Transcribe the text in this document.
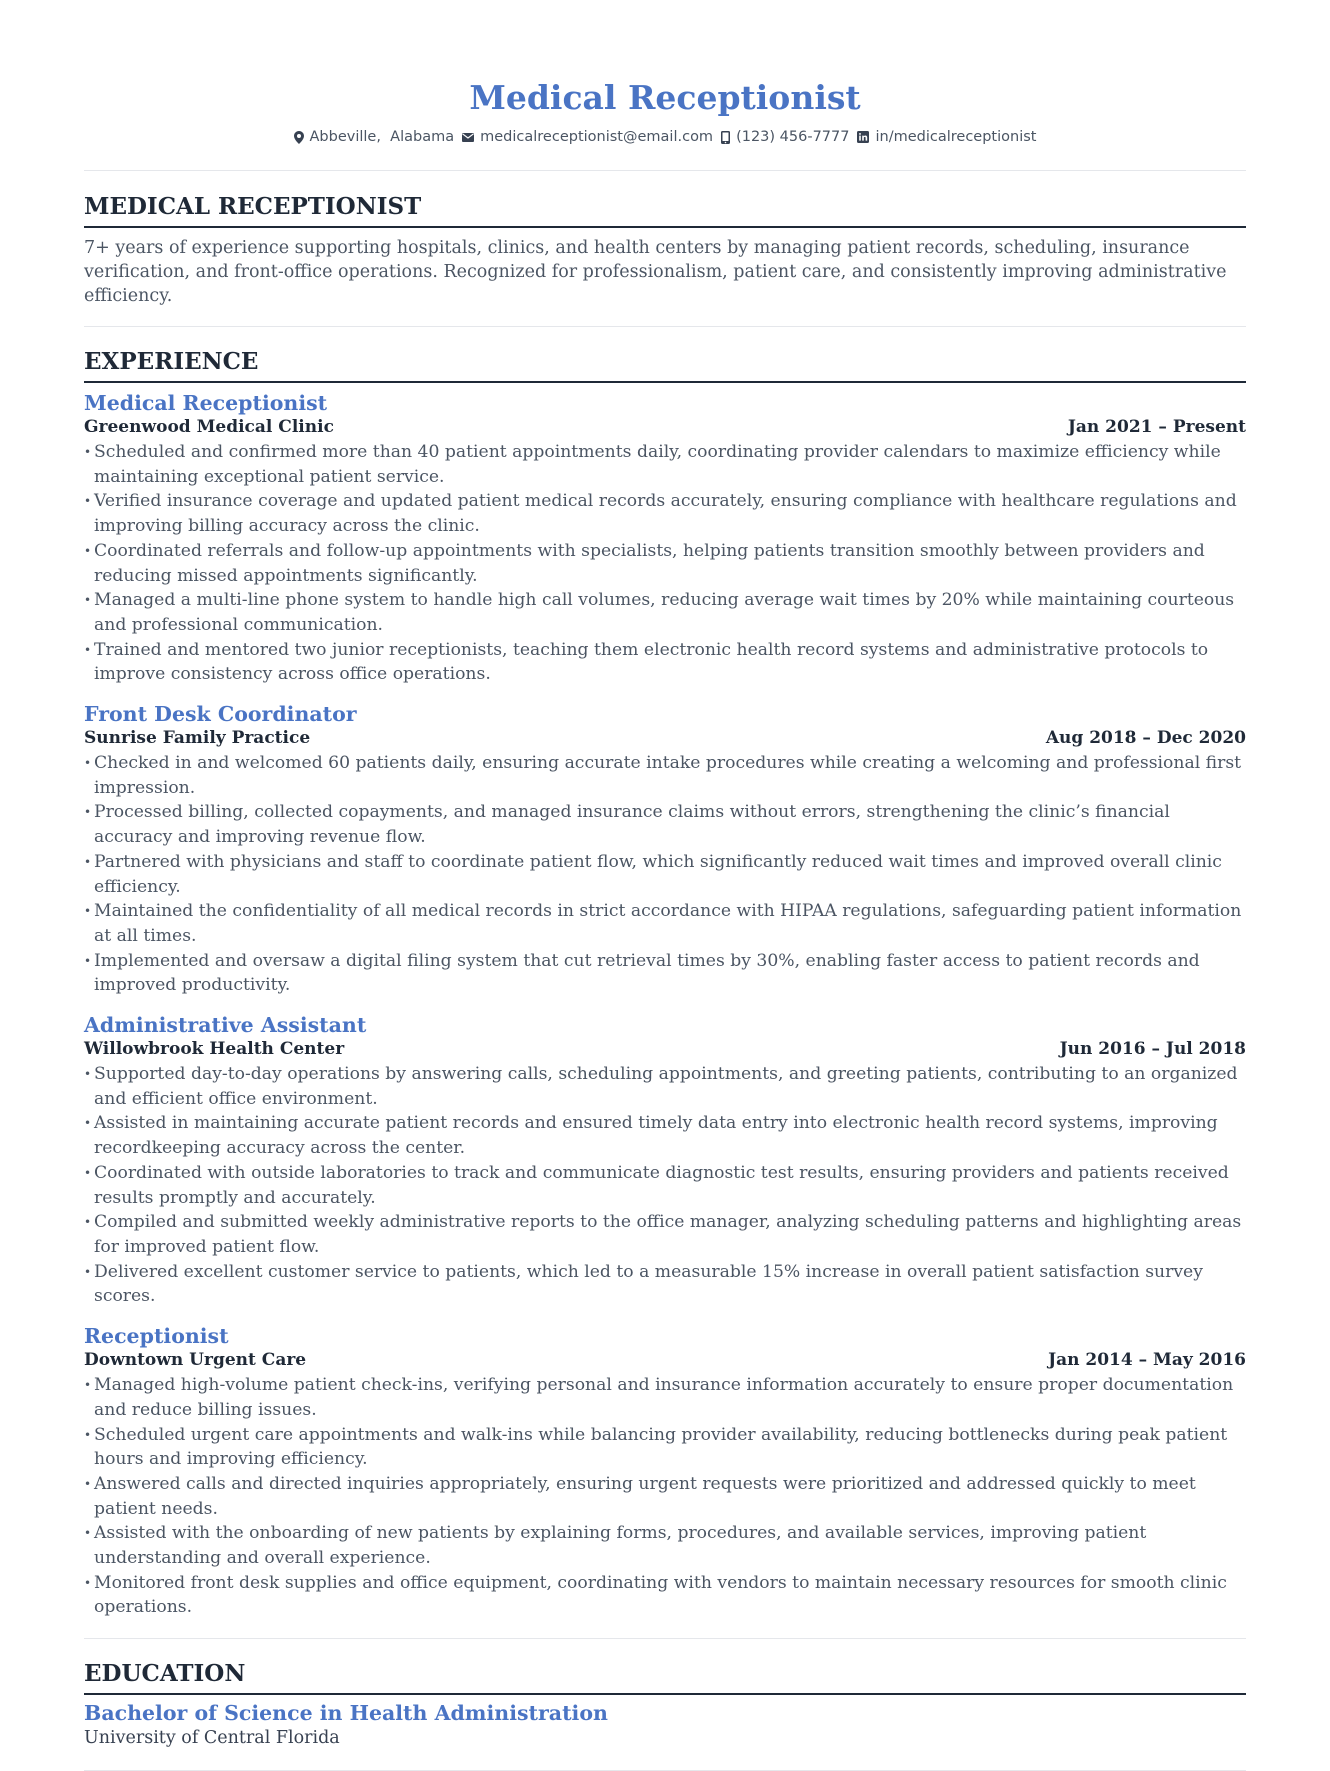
Medical Receptionist
Abbeville,  Alabama medicalreceptionist@email.com (123) 456-7777 in/medicalreceptionist
MEDICAL RECEPTIONIST

7+ years of experience supporting hospitals, clinics, and health centers by managing patient records, scheduling, insurance verification, and front-office operations. Recognized for professionalism, patient care, and consistently improving administrative efficiency.

EXPERIENCE
Medical Receptionist
Greenwood Medical Clinic	Jan 2021 – Present
• Scheduled and confirmed more than 40 patient appointments daily, coordinating provider calendars to maximize efficiency while maintaining exceptional patient service.
• Verified insurance coverage and updated patient medical records accurately, ensuring compliance with healthcare regulations and improving billing accuracy across the clinic.
• Coordinated referrals and follow-up appointments with specialists, helping patients transition smoothly between providers and reducing missed appointments significantly.
• Managed a multi-line phone system to handle high call volumes, reducing average wait times by 20% while maintaining courteous and professional communication.
• Trained and mentored two junior receptionists, teaching them electronic health record systems and administrative protocols to improve consistency across office operations.
Front Desk Coordinator
Sunrise Family Practice	Aug 2018 – Dec 2020
• Checked in and welcomed 60 patients daily, ensuring accurate intake procedures while creating a welcoming and professional first impression.
• Processed billing, collected copayments, and managed insurance claims without errors, strengthening the clinic’s financial accuracy and improving revenue flow.
• Partnered with physicians and staff to coordinate patient flow, which significantly reduced wait times and improved overall clinic efficiency.
• Maintained the confidentiality of all medical records in strict accordance with HIPAA regulations, safeguarding patient information at all times.
• Implemented and oversaw a digital filing system that cut retrieval times by 30%, enabling faster access to patient records and improved productivity.
Administrative Assistant
Willowbrook Health Center	Jun 2016 – Jul 2018
• Supported day-to-day operations by answering calls, scheduling appointments, and greeting patients, contributing to an organized and efficient office environment.
• Assisted in maintaining accurate patient records and ensured timely data entry into electronic health record systems, improving recordkeeping accuracy across the center.
• Coordinated with outside laboratories to track and communicate diagnostic test results, ensuring providers and patients received results promptly and accurately.
• Compiled and submitted weekly administrative reports to the office manager, analyzing scheduling patterns and highlighting areas for improved patient flow.
• Delivered excellent customer service to patients, which led to a measurable 15% increase in overall patient satisfaction survey scores.
Receptionist
Downtown Urgent Care	Jan 2014 – May 2016
• Managed high-volume patient check-ins, verifying personal and insurance information accurately to ensure proper documentation and reduce billing issues.
• Scheduled urgent care appointments and walk-ins while balancing provider availability, reducing bottlenecks during peak patient hours and improving efficiency.
• Answered calls and directed inquiries appropriately, ensuring urgent requests were prioritized and addressed quickly to meet patient needs.
• Assisted with the onboarding of new patients by explaining forms, procedures, and available services, improving patient understanding and overall experience.
• Monitored front desk supplies and office equipment, coordinating with vendors to maintain necessary resources for smooth clinic operations.
EDUCATION
Bachelor of Science in Health Administration
University of Central Florida
